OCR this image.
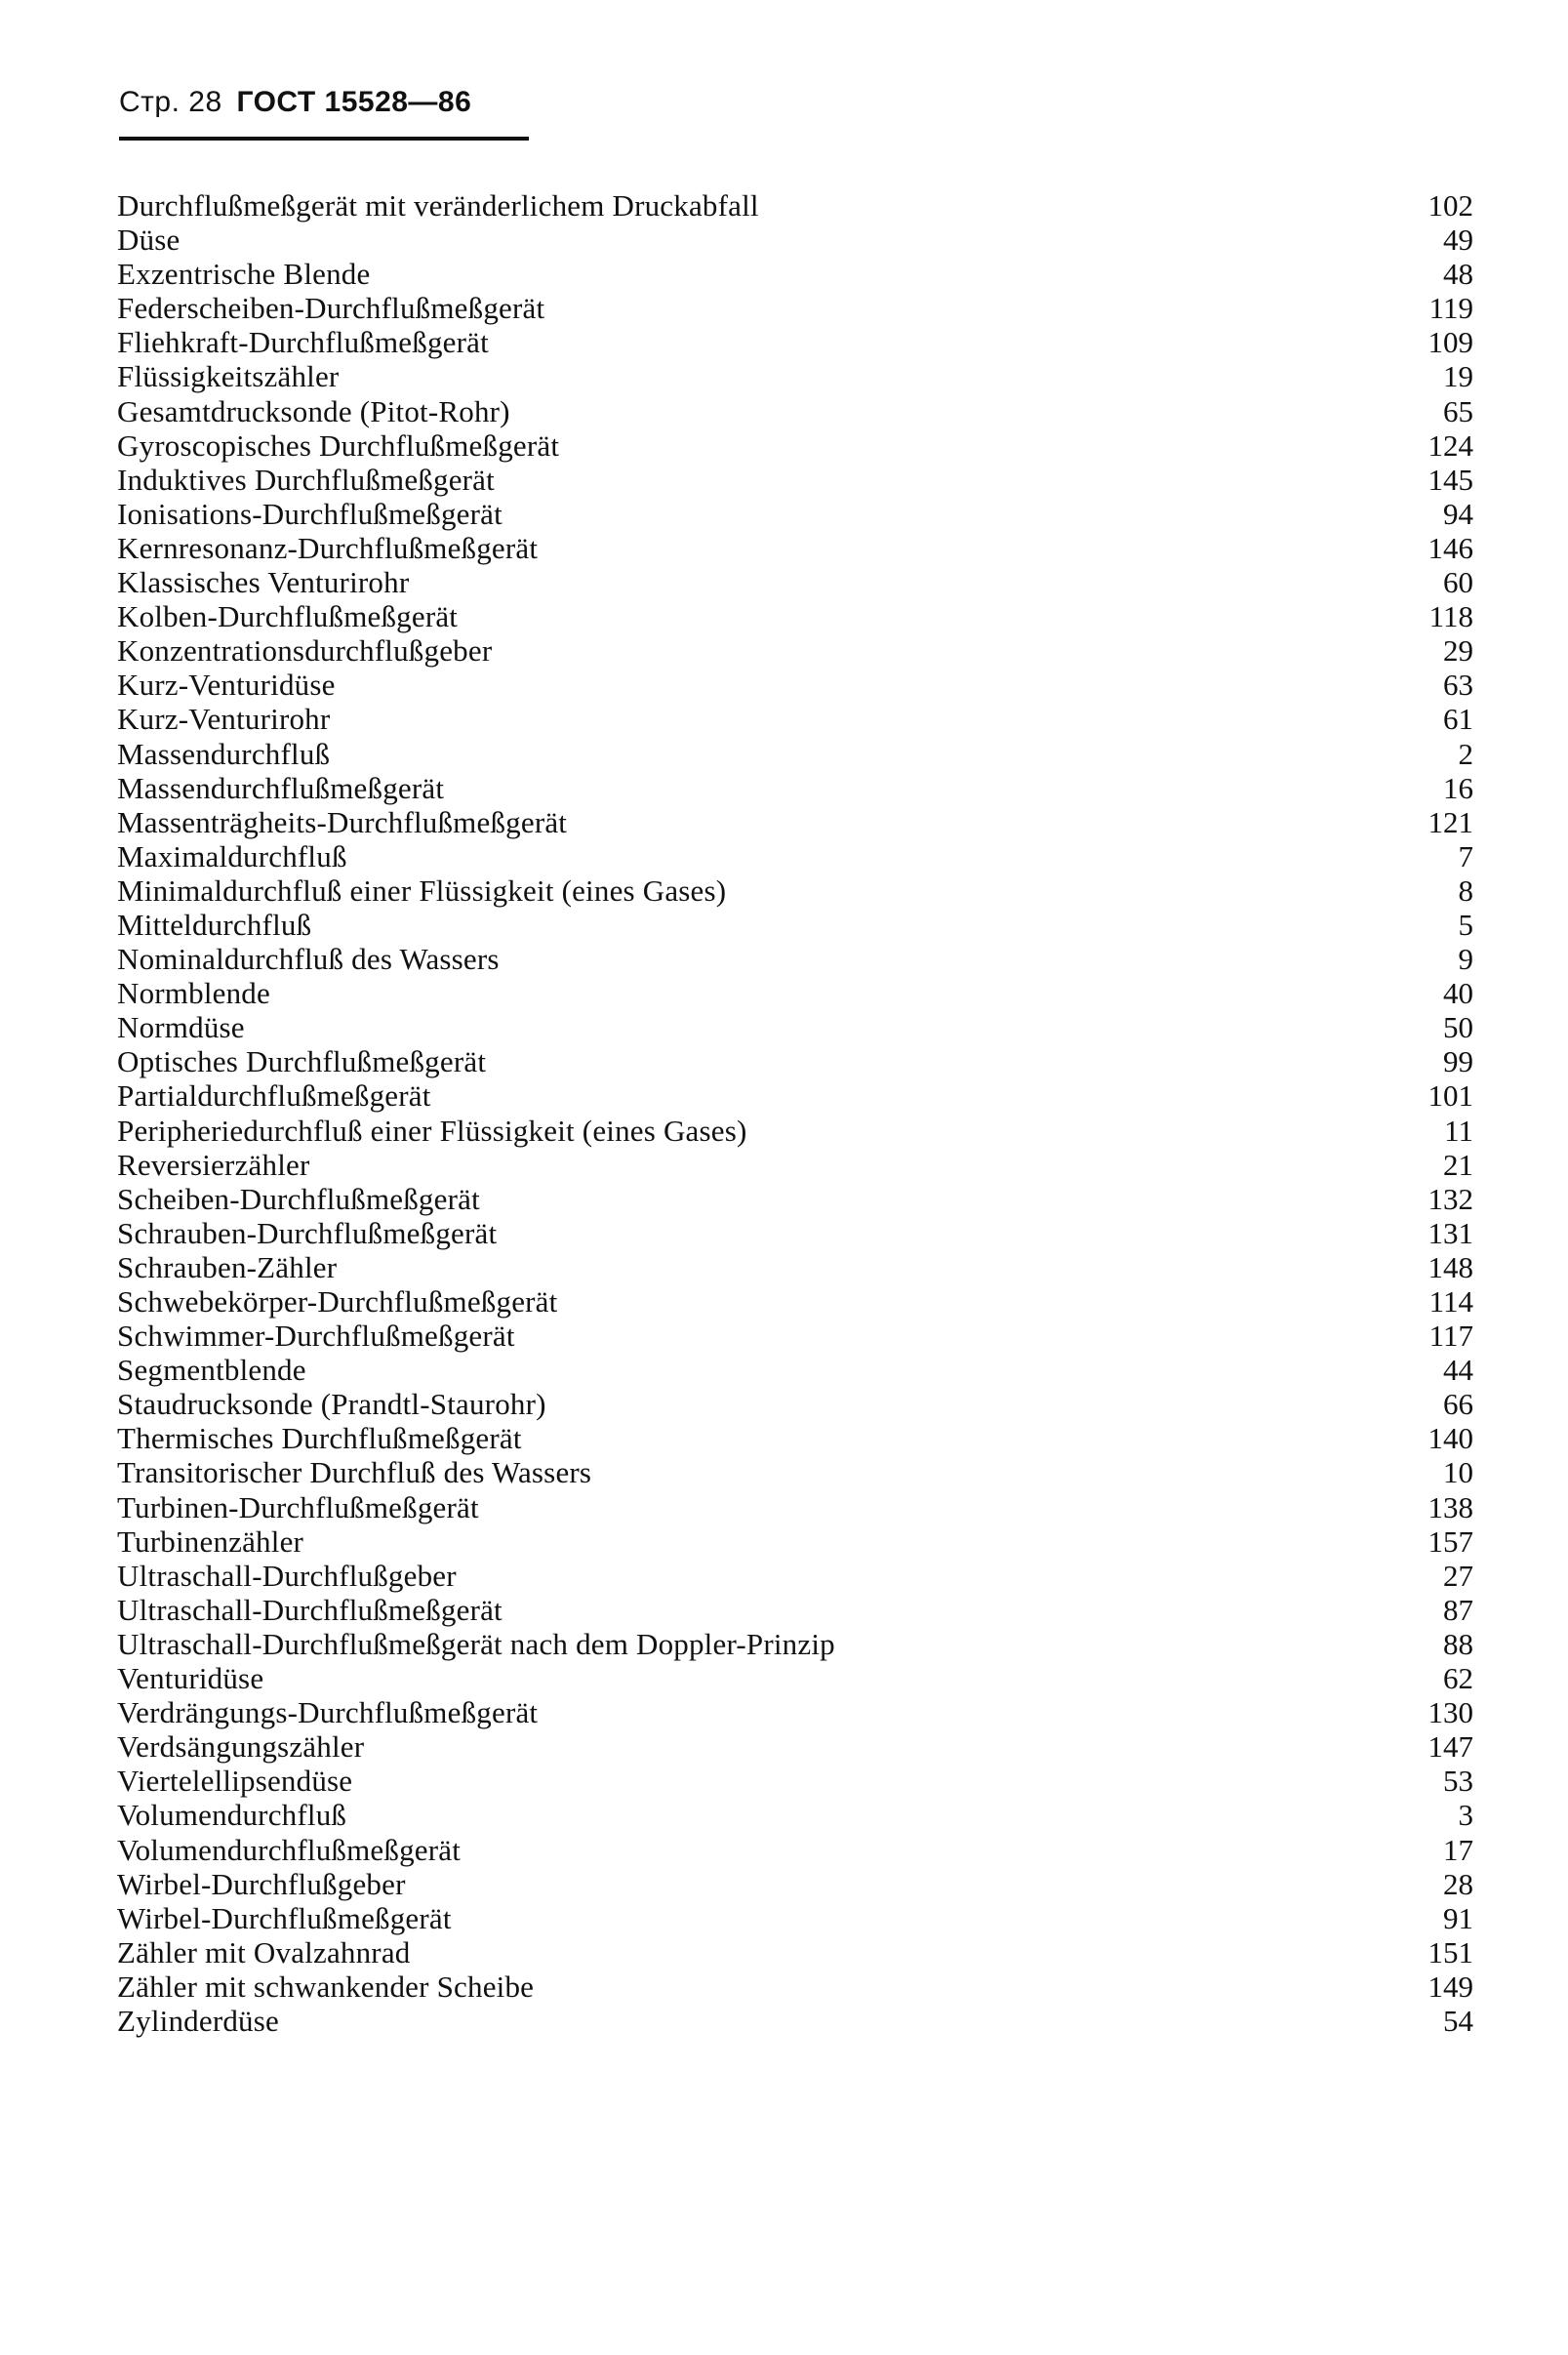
Стр. 28 ГОСТ 15528—86
Durchflußmeßgerät mit veränderlichem Druckabfall	102
Düse	49
Exzentrische Blende	48
Federscheiben-Durchflußmeßgerät	119
Fliehkraft-Durchflußmeßgerät	109
Flüssigkeitszähler	19
Gesamtdrucksonde (Pitot-Rohr)	65
Gyroscopisches Durchflußmeßgerät	124
Induktives Durchflußmeßgerät	145
Ionisations-Durchflußmeßgerät	94
Kernresonanz-Durchflußmeßgerät	146
Klassisches Venturirohr	60
Kolben-Durchflußmeßgerät	118
Konzentrationsdurchflußgeber	29
Kurz-Venturidüse	63
Kurz-Venturirohr	61
Massendurchfluß	2
Massendurchflußmeßgerät	16
Massenträgheits-Durchflußmeßgerät	121
Maximaldurchfluß	7
Minimaldurchfluß einer Flüssigkeit (eines Gases)	8
Mitteldurchfluß	5
Nominaldurchfluß des Wassers	9
Normblende	40
Normdüse	50
Optisches Durchflußmeßgerät	99
Partialdurchflußmeßgerät	101
Peripheriedurchfluß einer Flüssigkeit (eines Gases)	11
Reversierzähler	21
Scheiben-Durchflußmeßgerät	132
Schrauben-Durchflußmeßgerät	131
Schrauben-Zähler	148
Schwebekörper-Durchflußmeßgerät	114
Schwimmer-Durchflußmeßgerät	117
Segmentblende	44
Staudrucksonde (Prandtl-Staurohr)	66
Thermisches Durchflußmeßgerät	140
Transitorischer Durchfluß des Wassers	10
Turbinen-Durchflußmeßgerät	138
Turbinenzähler	157
Ultraschall-Durchflußgeber	27
Ultraschall-Durchflußmeßgerät	87
Ultraschall-Durchflußmeßgerät nach dem Doppler-Prinzip	88
Venturidüse	62
Verdrängungs-Durchflußmeßgerät	130
Verdsängungszähler	147
Viertelellipsendüse	53
Volumendurchfluß	3
Volumendurchflußmeßgerät	17
Wirbel-Durchflußgeber	28
Wirbel-Durchflußmeßgerät	91
Zähler mit Ovalzahnrad	151
Zähler mit schwankender Scheibe	149
Zylinderdüse	54
